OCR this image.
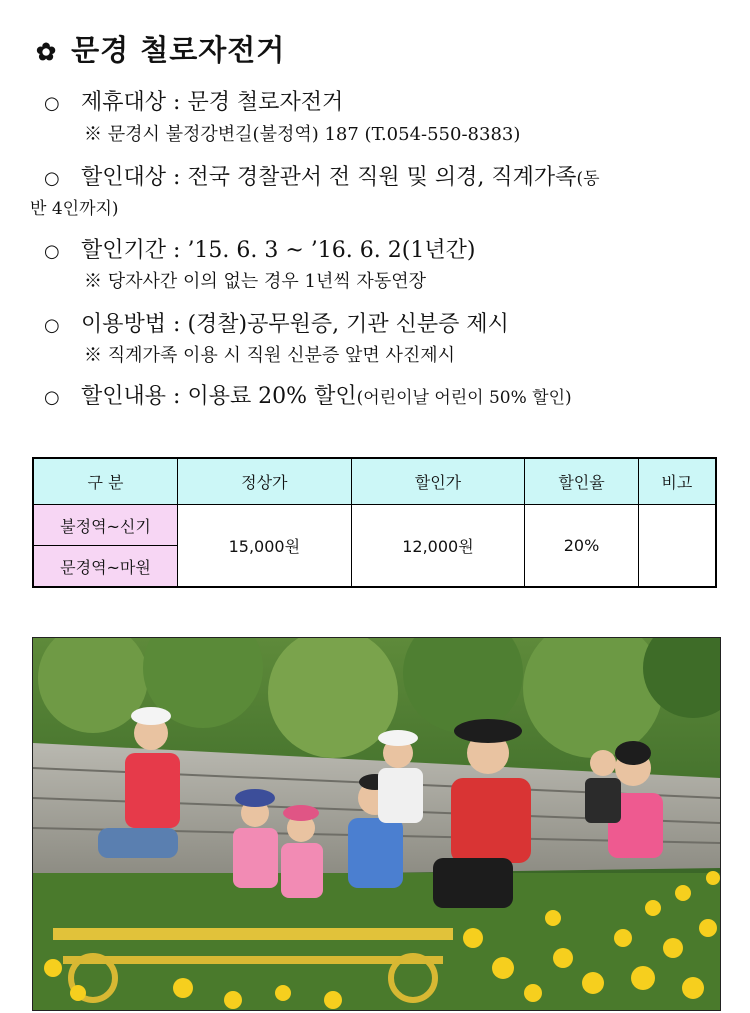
✿ 문경 철로자전거
○ 제휴대상 : 문경 철로자전거
※ 문경시 불정강변길(불정역) 187 (T.054-550-8383)
○ 할인대상 : 전국 경찰관서 전 직원 및 의경, 직계가족(동
반 4인까지)
○ 할인기간 : ’15. 6. 3 ~ ’16. 6. 2(1년간)
※ 당자사간 이의 없는 경우 1년씩 자동연장
○ 이용방법 : (경찰)공무원증, 기관 신분증 제시
※ 직계가족 이용 시 직원 신분증 앞면 사진제시
○ 할인내용 : 이용료 20% 할인(어린이날 어린이 50% 할인)
구 분	정상가	할인가	할인율	비고
불정역~신기	15,000원	12,000원	20%	
문경역~마원				
